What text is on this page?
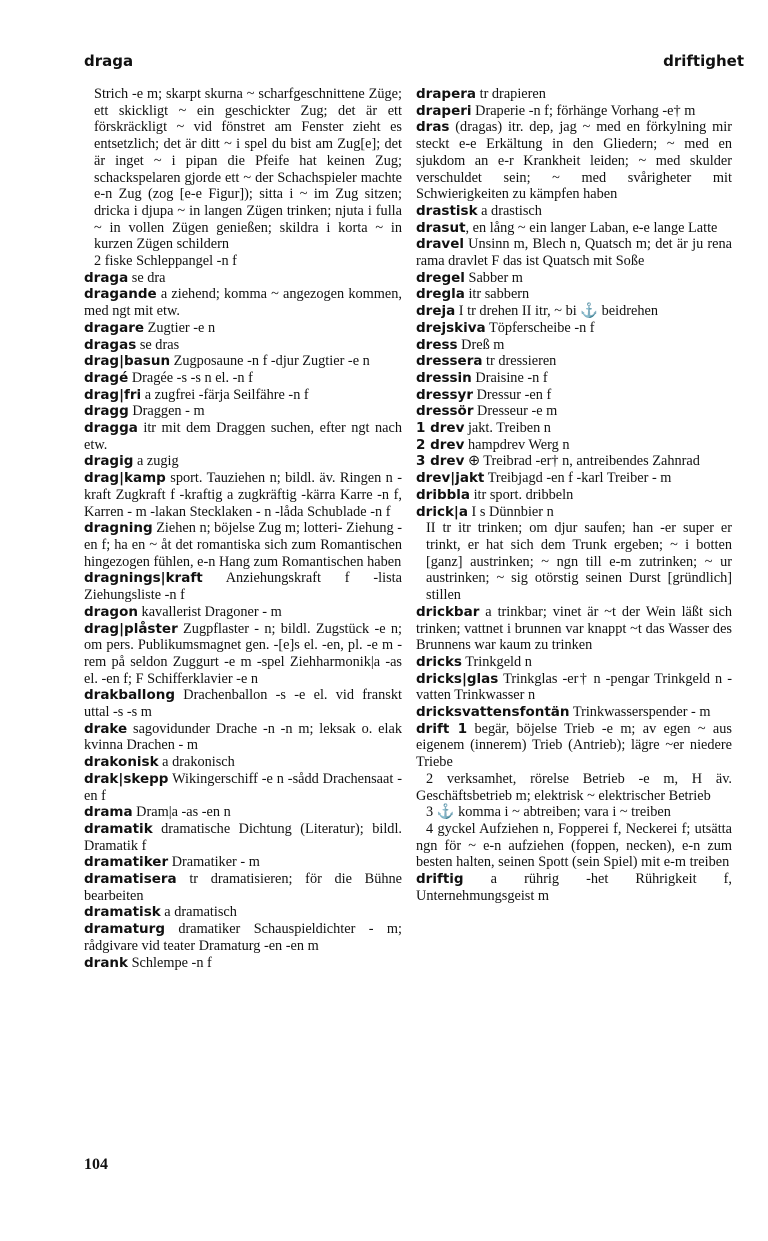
draga	driftighet

Strich -e m; skarpt skurna ~ scharfgeschnittene Züge; ett skickligt ~ ein geschickter Zug; det är ett förskräckligt ~ vid fönstret am Fenster zieht es entsetzlich; det är ditt ~ i spel du bist am Zug[e]; det är inget ~ i pipan die Pfeife hat keinen Zug; schackspelaren gjorde ett ~ der Schachspieler machte e-n Zug (zog [e-e Figur]); sitta i ~ im Zug sitzen; dricka i djupa ~ in langen Zügen trinken; njuta i fulla ~ in vollen Zügen genießen; skildra i korta ~ in kurzen Zügen schildern

2 fiske Schleppangel -n f

draga se dra

dragande a ziehend; komma ~ angezogen kommen, med ngt mit etw.

dragare Zugtier -e n

dragas se dras

drag|basun Zugposaune -n f -djur Zugtier -e n

dragé Dragée -s -s n el. -n f

drag|fri a zugfrei -färja Seilfähre -n f

dragg Draggen - m

dragga itr mit dem Draggen suchen, efter ngt nach etw.

dragig a zugig

drag|kamp sport. Tauziehen n; bildl. äv. Ringen n -kraft Zugkraft f -kraftig a zugkräftig -kärra Karre -n f, Karren - m -lakan Stecklaken - n -låda Schublade -n f

dragning Ziehen n; böjelse Zug m; lotteri- Ziehung -en f; ha en ~ åt det romantiska sich zum Romantischen hingezogen fühlen, e-n Hang zum Romantischen haben

dragnings|kraft Anziehungskraft f -lista Ziehungsliste -n f

dragon kavallerist Dragoner - m

drag|plåster Zugpflaster - n; bildl. Zugstück -e n; om pers. Publikumsmagnet gen. -[e]s el. -en, pl. -e m -rem på seldon Zuggurt -e m -spel Ziehharmonik|a -as el. -en f; F Schifferklavier -e n

drakballong Drachenballon -s -e el. vid franskt uttal -s -s m

drake sagovidunder Drache -n -n m; leksak o. elak kvinna Drachen - m

drakonisk a drakonisch

drak|skepp Wikingerschiff -e n -sådd Drachensaat -en f

drama Dram|a -as -en n

dramatik dramatische Dichtung (Literatur); bildl. Dramatik f

dramatiker Dramatiker - m

dramatisera tr dramatisieren; för die Bühne bearbeiten

dramatisk a dramatisch

dramaturg dramatiker Schauspieldichter - m; rådgivare vid teater Dramaturg -en -en m

drank Schlempe -n f

drapera tr drapieren

draperi Draperie -n f; förhänge Vorhang -e† m

dras (dragas) itr. dep, jag ~ med en förkylning mir steckt e-e Erkältung in den Gliedern; ~ med en sjukdom an e-r Krankheit leiden; ~ med skulder verschuldet sein; ~ med svårigheter mit Schwierigkeiten zu kämpfen haben

drastisk a drastisch

drasut, en lång ~ ein langer Laban, e-e lange Latte

dravel Unsinn m, Blech n, Quatsch m; det är ju rena rama dravlet F das ist Quatsch mit Soße

dregel Sabber m

dregla itr sabbern

dreja I tr drehen II itr, ~ bi ⚓ beidrehen

drejskiva Töpferscheibe -n f

dress Dreß m

dressera tr dressieren

dressin Draisine -n f

dressyr Dressur -en f

dressör Dresseur -e m

1 drev jakt. Treiben n

2 drev hampdrev Werg n

3 drev ⊕ Treibrad -er† n, antreibendes Zahnrad

drev|jakt Treibjagd -en f -karl Treiber - m

dribbla itr sport. dribbeln

drick|a I s Dünnbier n

II tr itr trinken; om djur saufen; han -er super er trinkt, er hat sich dem Trunk ergeben; ~ i botten [ganz] austrinken; ~ ngn till e-m zutrinken; ~ ur austrinken; ~ sig otörstig seinen Durst [gründlich] stillen

drickbar a trinkbar; vinet är ~t der Wein läßt sich trinken; vattnet i brunnen var knappt ~t das Wasser des Brunnens war kaum zu trinken

dricks Trinkgeld n

dricks|glas Trinkglas -er† n -pengar Trinkgeld n -vatten Trinkwasser n

dricksvattensfontän Trinkwasserspender - m

drift 1 begär, böjelse Trieb -e m; av egen ~ aus eigenem (innerem) Trieb (Antrieb); lägre ~er niedere Triebe

2 verksamhet, rörelse Betrieb -e m, H äv. Geschäftsbetrieb m; elektrisk ~ elektrischer Betrieb

3 ⚓ komma i ~ abtreiben; vara i ~ treiben

4 gyckel Aufziehen n, Fopperei f, Neckerei f; utsätta ngn för ~ e-n aufziehen (foppen, necken), e-n zum besten halten, seinen Spott (sein Spiel) mit e-m treiben

driftig a rührig -het Rührigkeit f, Unternehmungsgeist m

104
